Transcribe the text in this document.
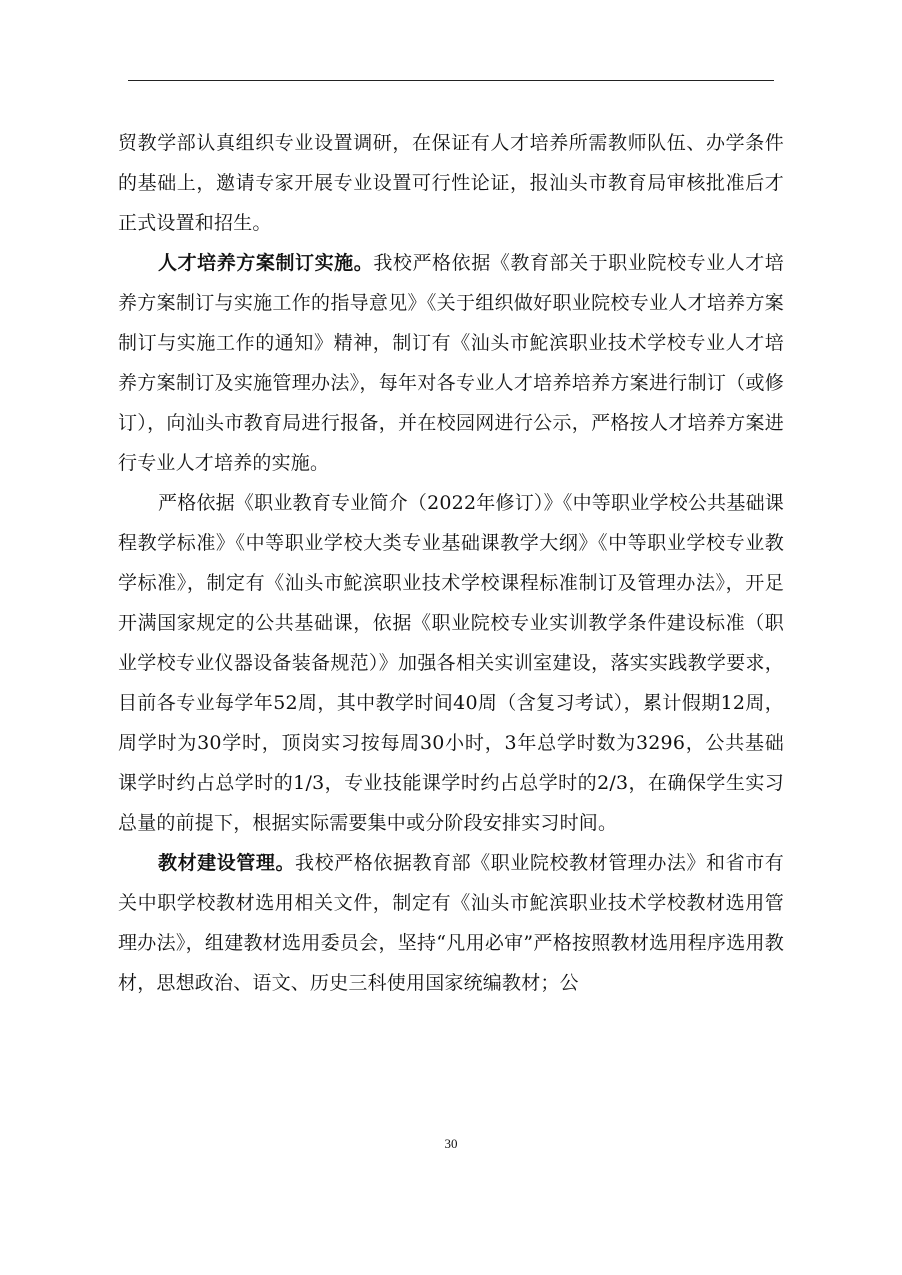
贸教学部认真组织专业设置调研，在保证有人才培养所需教师队伍、办学条件的基础上，邀请专家开展专业设置可行性论证，报汕头市教育局审核批准后才正式设置和招生。

人才培养方案制订实施。我校严格依据《教育部关于职业院校专业人才培养方案制订与实施工作的指导意见》《关于组织做好职业院校专业人才培养方案制订与实施工作的通知》精神，制订有《汕头市鮀滨职业技术学校专业人才培养方案制订及实施管理办法》，每年对各专业人才培养培养方案进行制订（或修订），向汕头市教育局进行报备，并在校园网进行公示，严格按人才培养方案进行专业人才培养的实施。

严格依据《职业教育专业简介（2022年修订）》《中等职业学校公共基础课程教学标准》《中等职业学校大类专业基础课教学大纲》《中等职业学校专业教学标准》，制定有《汕头市鮀滨职业技术学校课程标准制订及管理办法》，开足开满国家规定的公共基础课，依据《职业院校专业实训教学条件建设标准（职业学校专业仪器设备装备规范）》加强各相关实训室建设，落实实践教学要求，目前各专业每学年52周，其中教学时间40周（含复习考试），累计假期12周，周学时为30学时，顶岗实习按每周30小时，3年总学时数为3296，公共基础课学时约占总学时的1/3，专业技能课学时约占总学时的2/3，在确保学生实习总量的前提下，根据实际需要集中或分阶段安排实习时间。

教材建设管理。我校严格依据教育部《职业院校教材管理办法》和省市有关中职学校教材选用相关文件，制定有《汕头市鮀滨职业技术学校教材选用管理办法》，组建教材选用委员会，坚持“凡用必审”严格按照教材选用程序选用教材，思想政治、语文、历史三科使用国家统编教材；公

30
